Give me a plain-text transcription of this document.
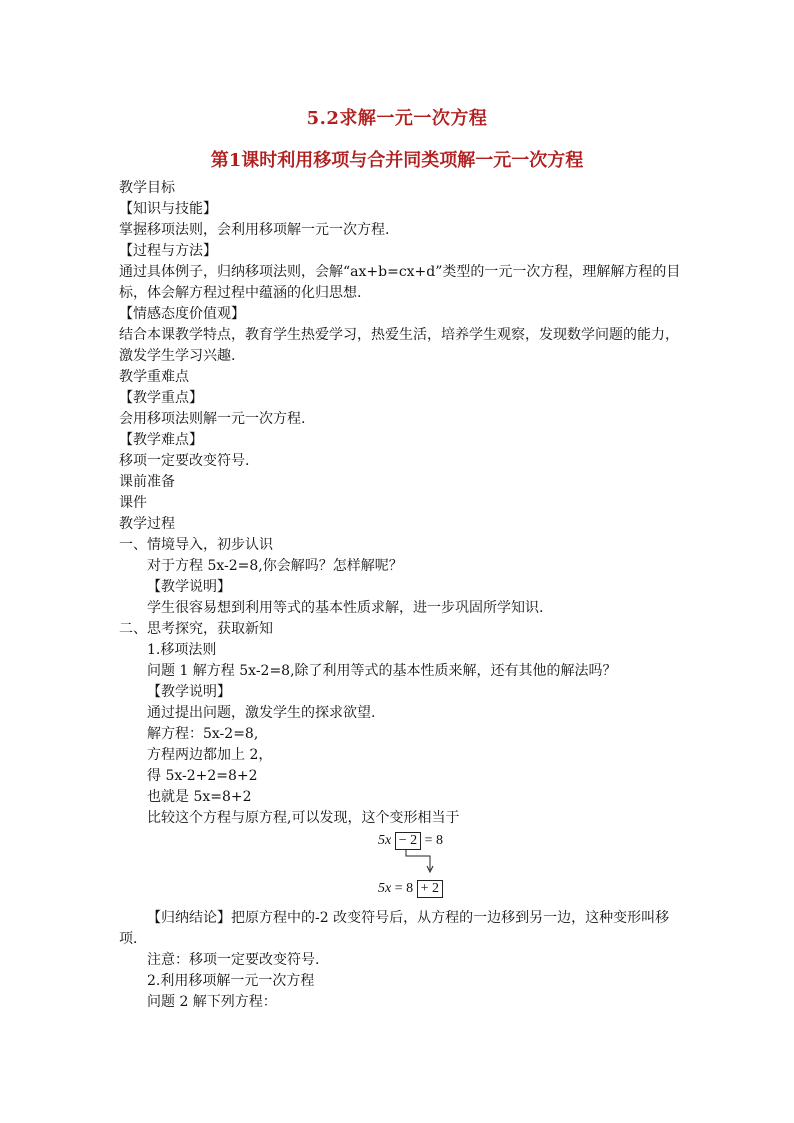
5.2求解一元一次方程
第1课时利用移项与合并同类项解一元一次方程
教学目标
【知识与技能】
掌握移项法则，会利用移项解一元一次方程.
【过程与方法】
通过具体例子，归纳移项法则，会解“ax+b=cx+d”类型的一元一次方程，理解解方程的目
标，体会解方程过程中蕴涵的化归思想.
【情感态度价值观】
结合本课教学特点，教育学生热爱学习，热爱生活，培养学生观察，发现数学问题的能力，
激发学生学习兴趣.
教学重难点
【教学重点】
会用移项法则解一元一次方程.
【教学难点】
移项一定要改变符号.
课前准备
课件
教学过程
一、情境导入，初步认识
对于方程 5x-2=8,你会解吗？怎样解呢？
【教学说明】
学生很容易想到利用等式的基本性质求解，进一步巩固所学知识.
二、思考探究，获取新知
1.移项法则
问题 1 解方程 5x-2=8,除了利用等式的基本性质来解，还有其他的解法吗？
【教学说明】
通过提出问题，激发学生的探求欲望.
解方程：5x-2=8,
方程两边都加上 2，
得 5x-2+2=8+2
也就是 5x=8+2
比较这个方程与原方程,可以发现，这个变形相当于
5x − 2 = 8
5x = 8 + 2
【归纳结论】把原方程中的-2 改变符号后，从方程的一边移到另一边，这种变形叫移
项.
注意：移项一定要改变符号.
2.利用移项解一元一次方程
问题 2 解下列方程：
